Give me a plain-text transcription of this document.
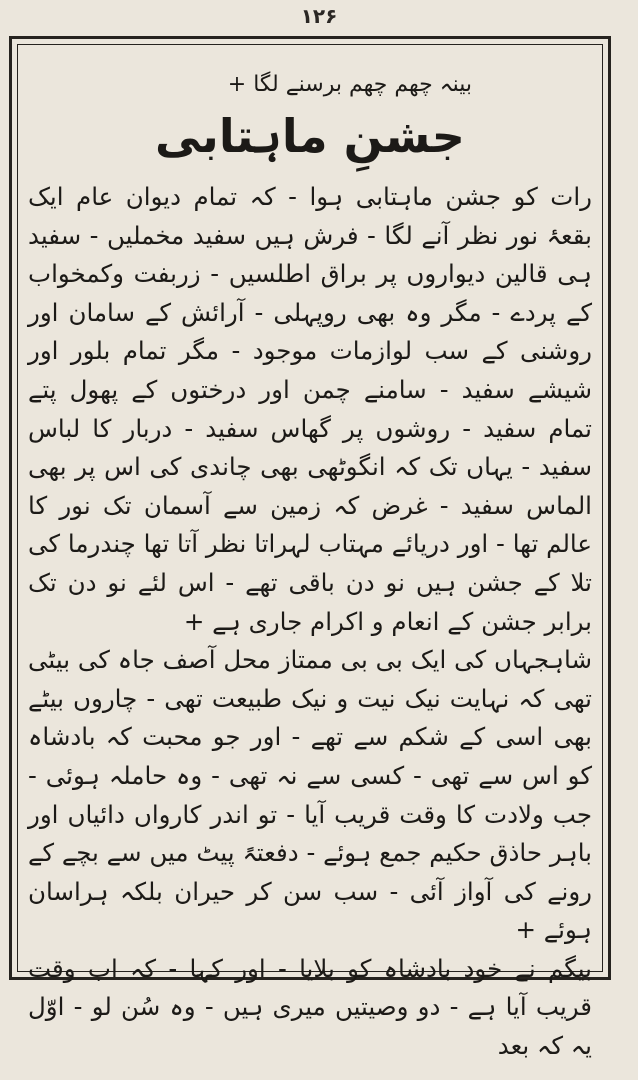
۱۲۶

بینہ چھم چھم برسنے لگا +

جشنِ ماہتابی

رات کو جشن ماہتابی ہوا - کہ تمام دیوان عام ایک بقعۂ نور نظر آنے لگا - فرش ہیں سفید مخملیں - سفید ہی قالین دیواروں پر براق اطلسیں - زربفت وکمخواب کے پردے - مگر وہ بھی روپہلی - آرائش کے سامان اور روشنی کے سب لوازمات موجود - مگر تمام بلور اور شیشے سفید - سامنے چمن اور درختوں کے پھول پتے تمام سفید - روشوں پر گھاس سفید - دربار کا لباس سفید - یہاں تک کہ انگوٹھی بھی چاندی کی اس پر بھی الماس سفید - غرض کہ زمین سے آسمان تک نور کا عالم تھا - اور دریائے مہتاب لہراتا نظر آتا تھا چندرما کی تلا کے جشن ہیں نو دن باقی تھے - اس لئے نو دن تک برابر جشن کے انعام و اکرام جاری ہے +

شاہجہاں کی ایک بی بی ممتاز محل آصف جاہ کی بیٹی تھی کہ نہایت نیک نیت و نیک طبیعت تھی - چاروں بیٹے بھی اسی کے شکم سے تھے - اور جو محبت کہ بادشاہ کو اس سے تھی - کسی سے نہ تھی - وہ حاملہ ہوئی - جب ولادت کا وقت قریب آیا - تو اندر کارواں دائیاں اور باہر حاذق حکیم جمع ہوئے - دفعتہً پیٹ میں سے بچے کے رونے کی آواز آئی - سب سن کر حیران بلکہ ہراسان ہوئے +

بیگم نے خود بادشاہ کو بلایا - اور کہا - کہ اب وقت قریب آیا ہے - دو وصیتیں میری ہیں - وہ سُن لو - اوّل یہ کہ بعد
